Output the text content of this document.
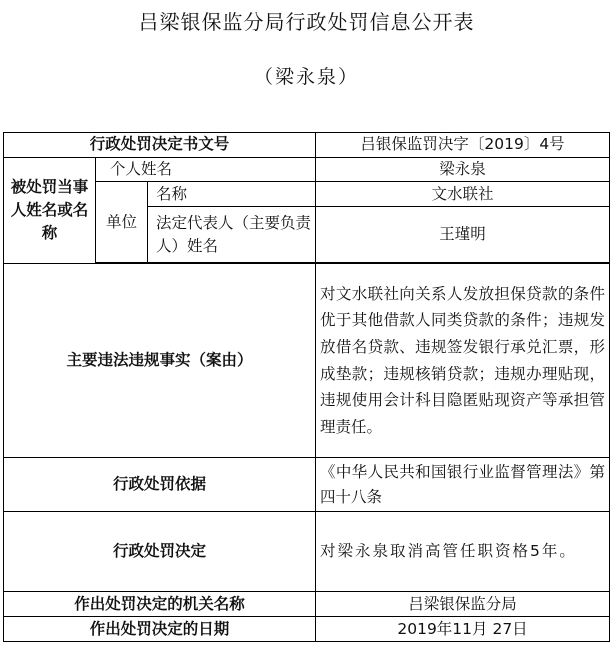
吕梁银保监分局行政处罚信息公开表
（梁永泉）
行政处罚决定书文号			吕银保监罚决字〔2019〕4号
被处罚当事人姓名或名称	个人姓名		梁永泉
	单位	名称	文水联社
		法定代表人（主要负责人）姓名	王瑾明

主要违法违规事实（案由）			对文水联社向关系人发放担保贷款的条件优于其他借款人同类贷款的条件；违规发放借名贷款、违规签发银行承兑汇票，形成垫款；违规核销贷款；违规办理贴现，违规使用会计科目隐匿贴现资产等承担管理责任。
行政处罚依据			《中华人民共和国银行业监督管理法》第四十八条
行政处罚决定			对梁永泉取消高管任职资格5年。
作出处罚决定的机关名称			吕梁银保监分局
作出处罚决定的日期			2019年11月 27日
